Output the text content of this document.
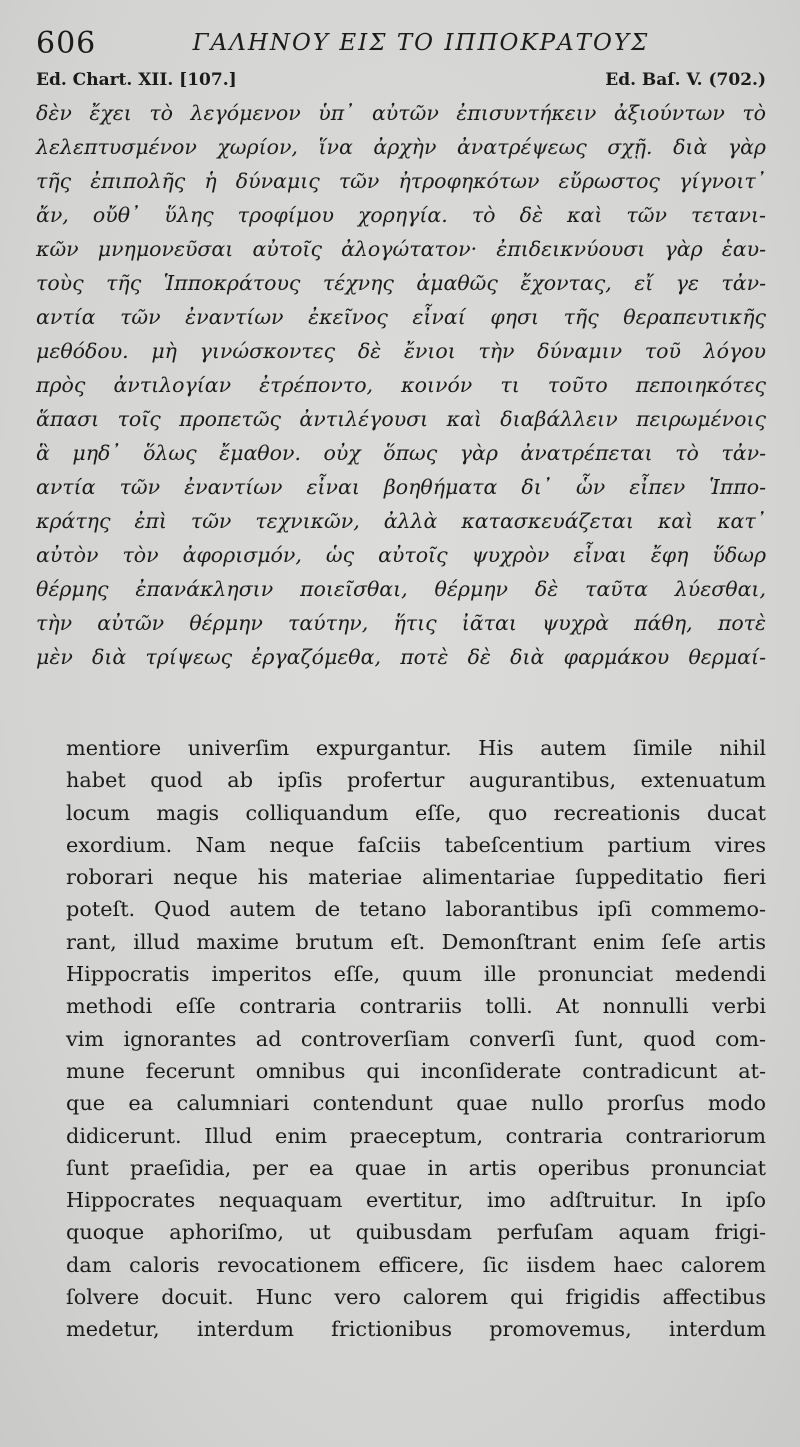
606	ΓΑΛΗΝΟΥ ΕΙΣ ΤΟ ΙΠΠΟΚΡΑΤΟΥΣ
Ed. Chart. XII. [107.]	Ed. Baſ. V. (702.)
δὲν ἔχει τὸ λεγόμενον ὑπ᾽ αὐτῶν ἐπισυντήκειν ἀξιούντων τὸ
λελεπτυσμένον χωρίον, ἵνα ἀρχὴν ἀνατρέψεως σχῇ. διὰ γὰρ
τῆς ἐπιπολῆς ἡ δύναμις τῶν ἠτροφηκότων εὔρωστος γίγνοιτ᾽
ἄν, οὔθ᾽ ὕλης τροφίμου χορηγία. τὸ δὲ καὶ τῶν τετανι-
κῶν μνημονεῦσαι αὐτοῖς ἀλογώτατον· ἐπιδεικνύουσι γὰρ ἑαυ-
τοὺς τῆς Ἱπποκράτους τέχνης ἀμαθῶς ἔχοντας, εἴ γε τἀν-
αντία τῶν ἐναντίων ἐκεῖνος εἶναί φησι τῆς θεραπευτικῆς
μεθόδου. μὴ γινώσκοντες δὲ ἔνιοι τὴν δύναμιν τοῦ λόγου
πρὸς ἀντιλογίαν ἐτρέποντο, κοινόν τι τοῦτο πεποιηκότες
ἅπασι τοῖς προπετῶς ἀντιλέγουσι καὶ διαβάλλειν πειρωμένοις
ἃ μηδ᾽ ὅλως ἔμαθον. οὐχ ὅπως γὰρ ἀνατρέπεται τὸ τἀν-
αντία τῶν ἐναντίων εἶναι βοηθήματα δι᾽ ὧν εἶπεν Ἱππο-
κράτης ἐπὶ τῶν τεχνικῶν, ἀλλὰ κατασκευάζεται καὶ κατ᾽
αὐτὸν τὸν ἀφορισμόν, ὡς αὐτοῖς ψυχρὸν εἶναι ἔφη ὕδωρ
θέρμης ἐπανάκλησιν ποιεῖσθαι, θέρμην δὲ ταῦτα λύεσθαι,
τὴν αὐτῶν θέρμην ταύτην, ἥτις ἰᾶται ψυχρὰ πάθη, ποτὲ
μὲν διὰ τρίψεως ἐργαζόμεθα, ποτὲ δὲ διὰ φαρμάκου θερμαί-
mentiore univerſim expurgantur. His autem ſimile nihil
habet quod ab ipſis profertur augurantibus, extenuatum
locum magis colliquandum eſſe, quo recreationis ducat
exordium. Nam neque faſciis tabeſcentium partium vires
roborari neque his materiae alimentariae ſuppeditatio fieri
poteſt. Quod autem de tetano laborantibus ipſi commemo-
rant, illud maxime brutum eſt. Demonſtrant enim ſeſe artis
Hippocratis imperitos eſſe, quum ille pronunciat medendi
methodi eſſe contraria contrariis tolli. At nonnulli verbi
vim ignorantes ad controverſiam converſi ſunt, quod com-
mune fecerunt omnibus qui inconſiderate contradicunt at-
que ea calumniari contendunt quae nullo prorſus modo
didicerunt. Illud enim praeceptum, contraria contrariorum
ſunt praeſidia, per ea quae in artis operibus pronunciat
Hippocrates nequaquam evertitur, imo adſtruitur. In ipſo
quoque aphoriſmo, ut quibusdam perfuſam aquam frigi-
dam caloris revocationem efficere, ſic iisdem haec calorem
ſolvere docuit. Hunc vero calorem qui frigidis affectibus
medetur, interdum frictionibus promovemus, interdum
